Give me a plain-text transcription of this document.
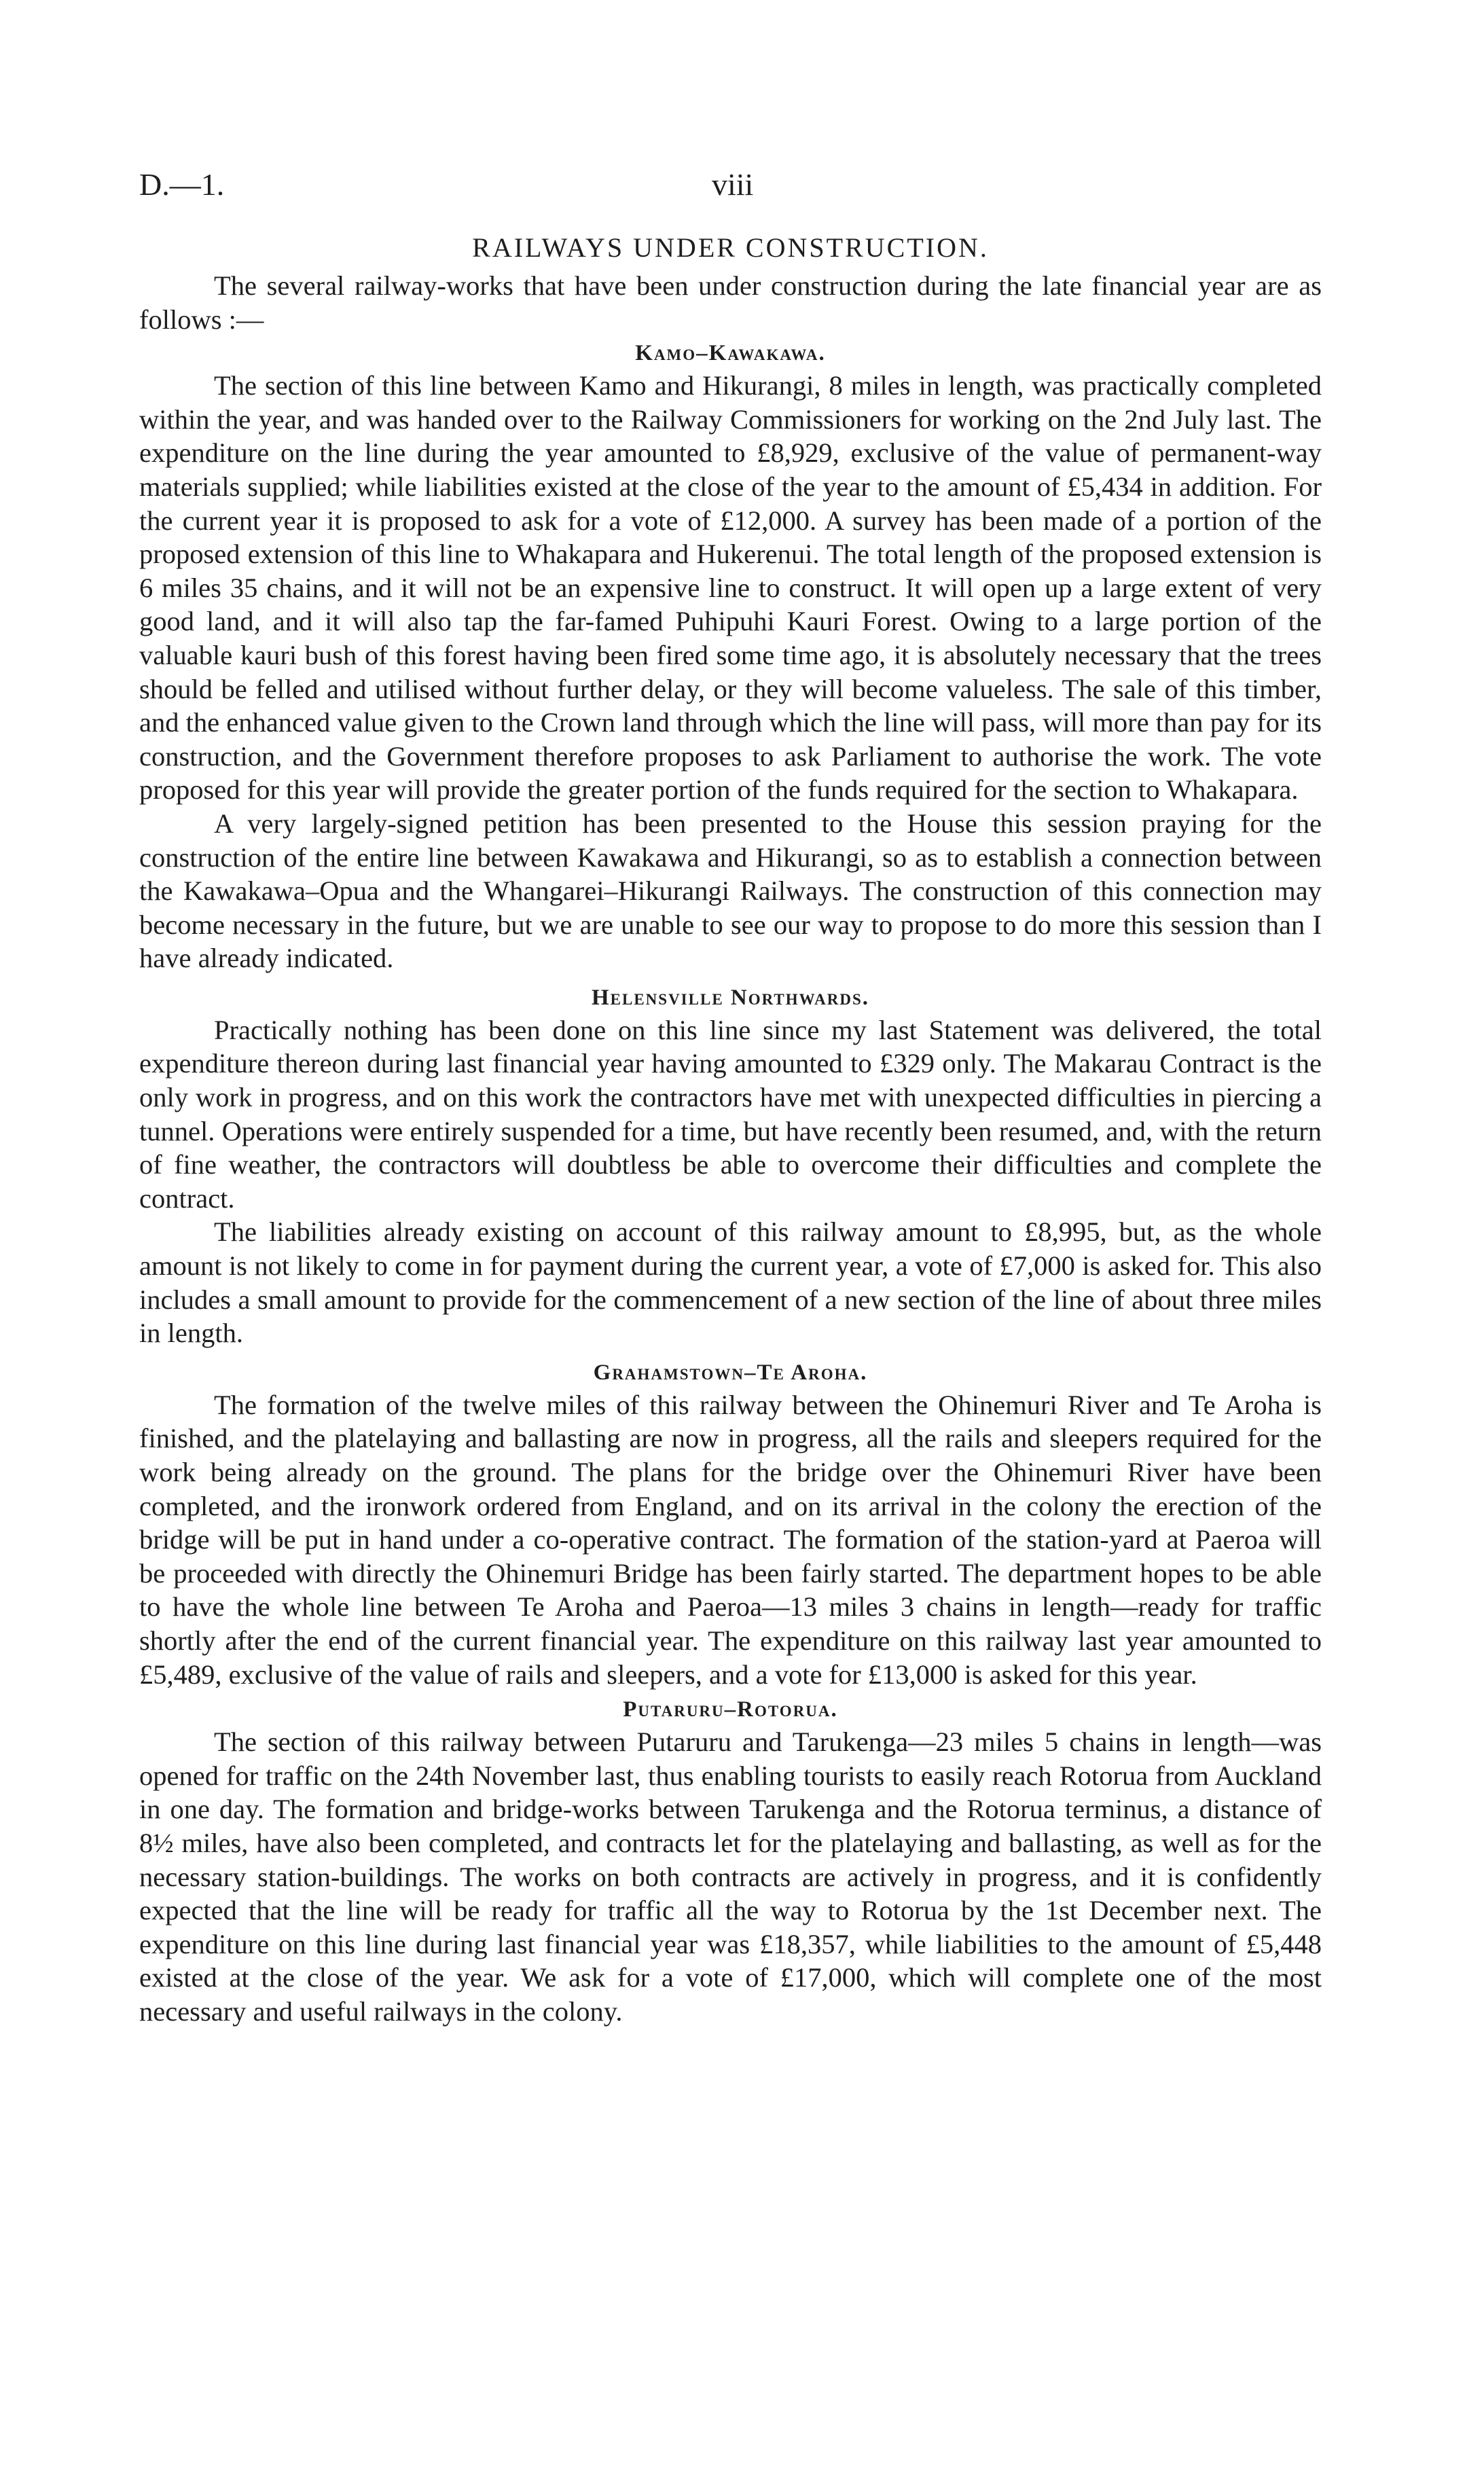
D.—1.	viii
RAILWAYS UNDER CONSTRUCTION.

The several railway-works that have been under construction during the late financial year are as follows :—

Kamo–Kawakawa.

The section of this line between Kamo and Hikurangi, 8 miles in length, was practically completed within the year, and was handed over to the Railway Commissioners for working on the 2nd July last. The expenditure on the line during the year amounted to £8,929, exclusive of the value of permanent-way materials supplied; while liabilities existed at the close of the year to the amount of £5,434 in addition. For the current year it is proposed to ask for a vote of £12,000. A survey has been made of a portion of the proposed extension of this line to Whakapara and Hukerenui. The total length of the proposed extension is 6 miles 35 chains, and it will not be an expensive line to construct. It will open up a large extent of very good land, and it will also tap the far-famed Puhipuhi Kauri Forest. Owing to a large portion of the valuable kauri bush of this forest having been fired some time ago, it is absolutely necessary that the trees should be felled and utilised without further delay, or they will become valueless. The sale of this timber, and the enhanced value given to the Crown land through which the line will pass, will more than pay for its construction, and the Government therefore proposes to ask Parliament to authorise the work. The vote proposed for this year will provide the greater portion of the funds required for the section to Whakapara.

A very largely-signed petition has been presented to the House this session praying for the construction of the entire line between Kawakawa and Hikurangi, so as to establish a connection between the Kawakawa–Opua and the Whangarei–Hikurangi Railways. The construction of this connection may become necessary in the future, but we are unable to see our way to propose to do more this session than I have already indicated.

Helensville Northwards.

Practically nothing has been done on this line since my last Statement was delivered, the total expenditure thereon during last financial year having amounted to £329 only. The Makarau Contract is the only work in progress, and on this work the contractors have met with unexpected difficulties in piercing a tunnel. Operations were entirely suspended for a time, but have recently been resumed, and, with the return of fine weather, the contractors will doubtless be able to overcome their difficulties and complete the contract.

The liabilities already existing on account of this railway amount to £8,995, but, as the whole amount is not likely to come in for payment during the current year, a vote of £7,000 is asked for. This also includes a small amount to provide for the commencement of a new section of the line of about three miles in length.

Grahamstown–Te Aroha.

The formation of the twelve miles of this railway between the Ohinemuri River and Te Aroha is finished, and the platelaying and ballasting are now in progress, all the rails and sleepers required for the work being already on the ground. The plans for the bridge over the Ohinemuri River have been completed, and the ironwork ordered from England, and on its arrival in the colony the erection of the bridge will be put in hand under a co-operative contract. The formation of the station-yard at Paeroa will be proceeded with directly the Ohinemuri Bridge has been fairly started. The department hopes to be able to have the whole line between Te Aroha and Paeroa—13 miles 3 chains in length—ready for traffic shortly after the end of the current financial year. The expenditure on this railway last year amounted to £5,489, exclusive of the value of rails and sleepers, and a vote for £13,000 is asked for this year.

Putaruru–Rotorua.

The section of this railway between Putaruru and Tarukenga—23 miles 5 chains in length—was opened for traffic on the 24th November last, thus enabling tourists to easily reach Rotorua from Auckland in one day. The formation and bridge-works between Tarukenga and the Rotorua terminus, a distance of 8½ miles, have also been completed, and contracts let for the platelaying and ballasting, as well as for the necessary station-buildings. The works on both contracts are actively in progress, and it is confidently expected that the line will be ready for traffic all the way to Rotorua by the 1st December next. The expenditure on this line during last financial year was £18,357, while liabilities to the amount of £5,448 existed at the close of the year. We ask for a vote of £17,000, which will complete one of the most necessary and useful railways in the colony.
